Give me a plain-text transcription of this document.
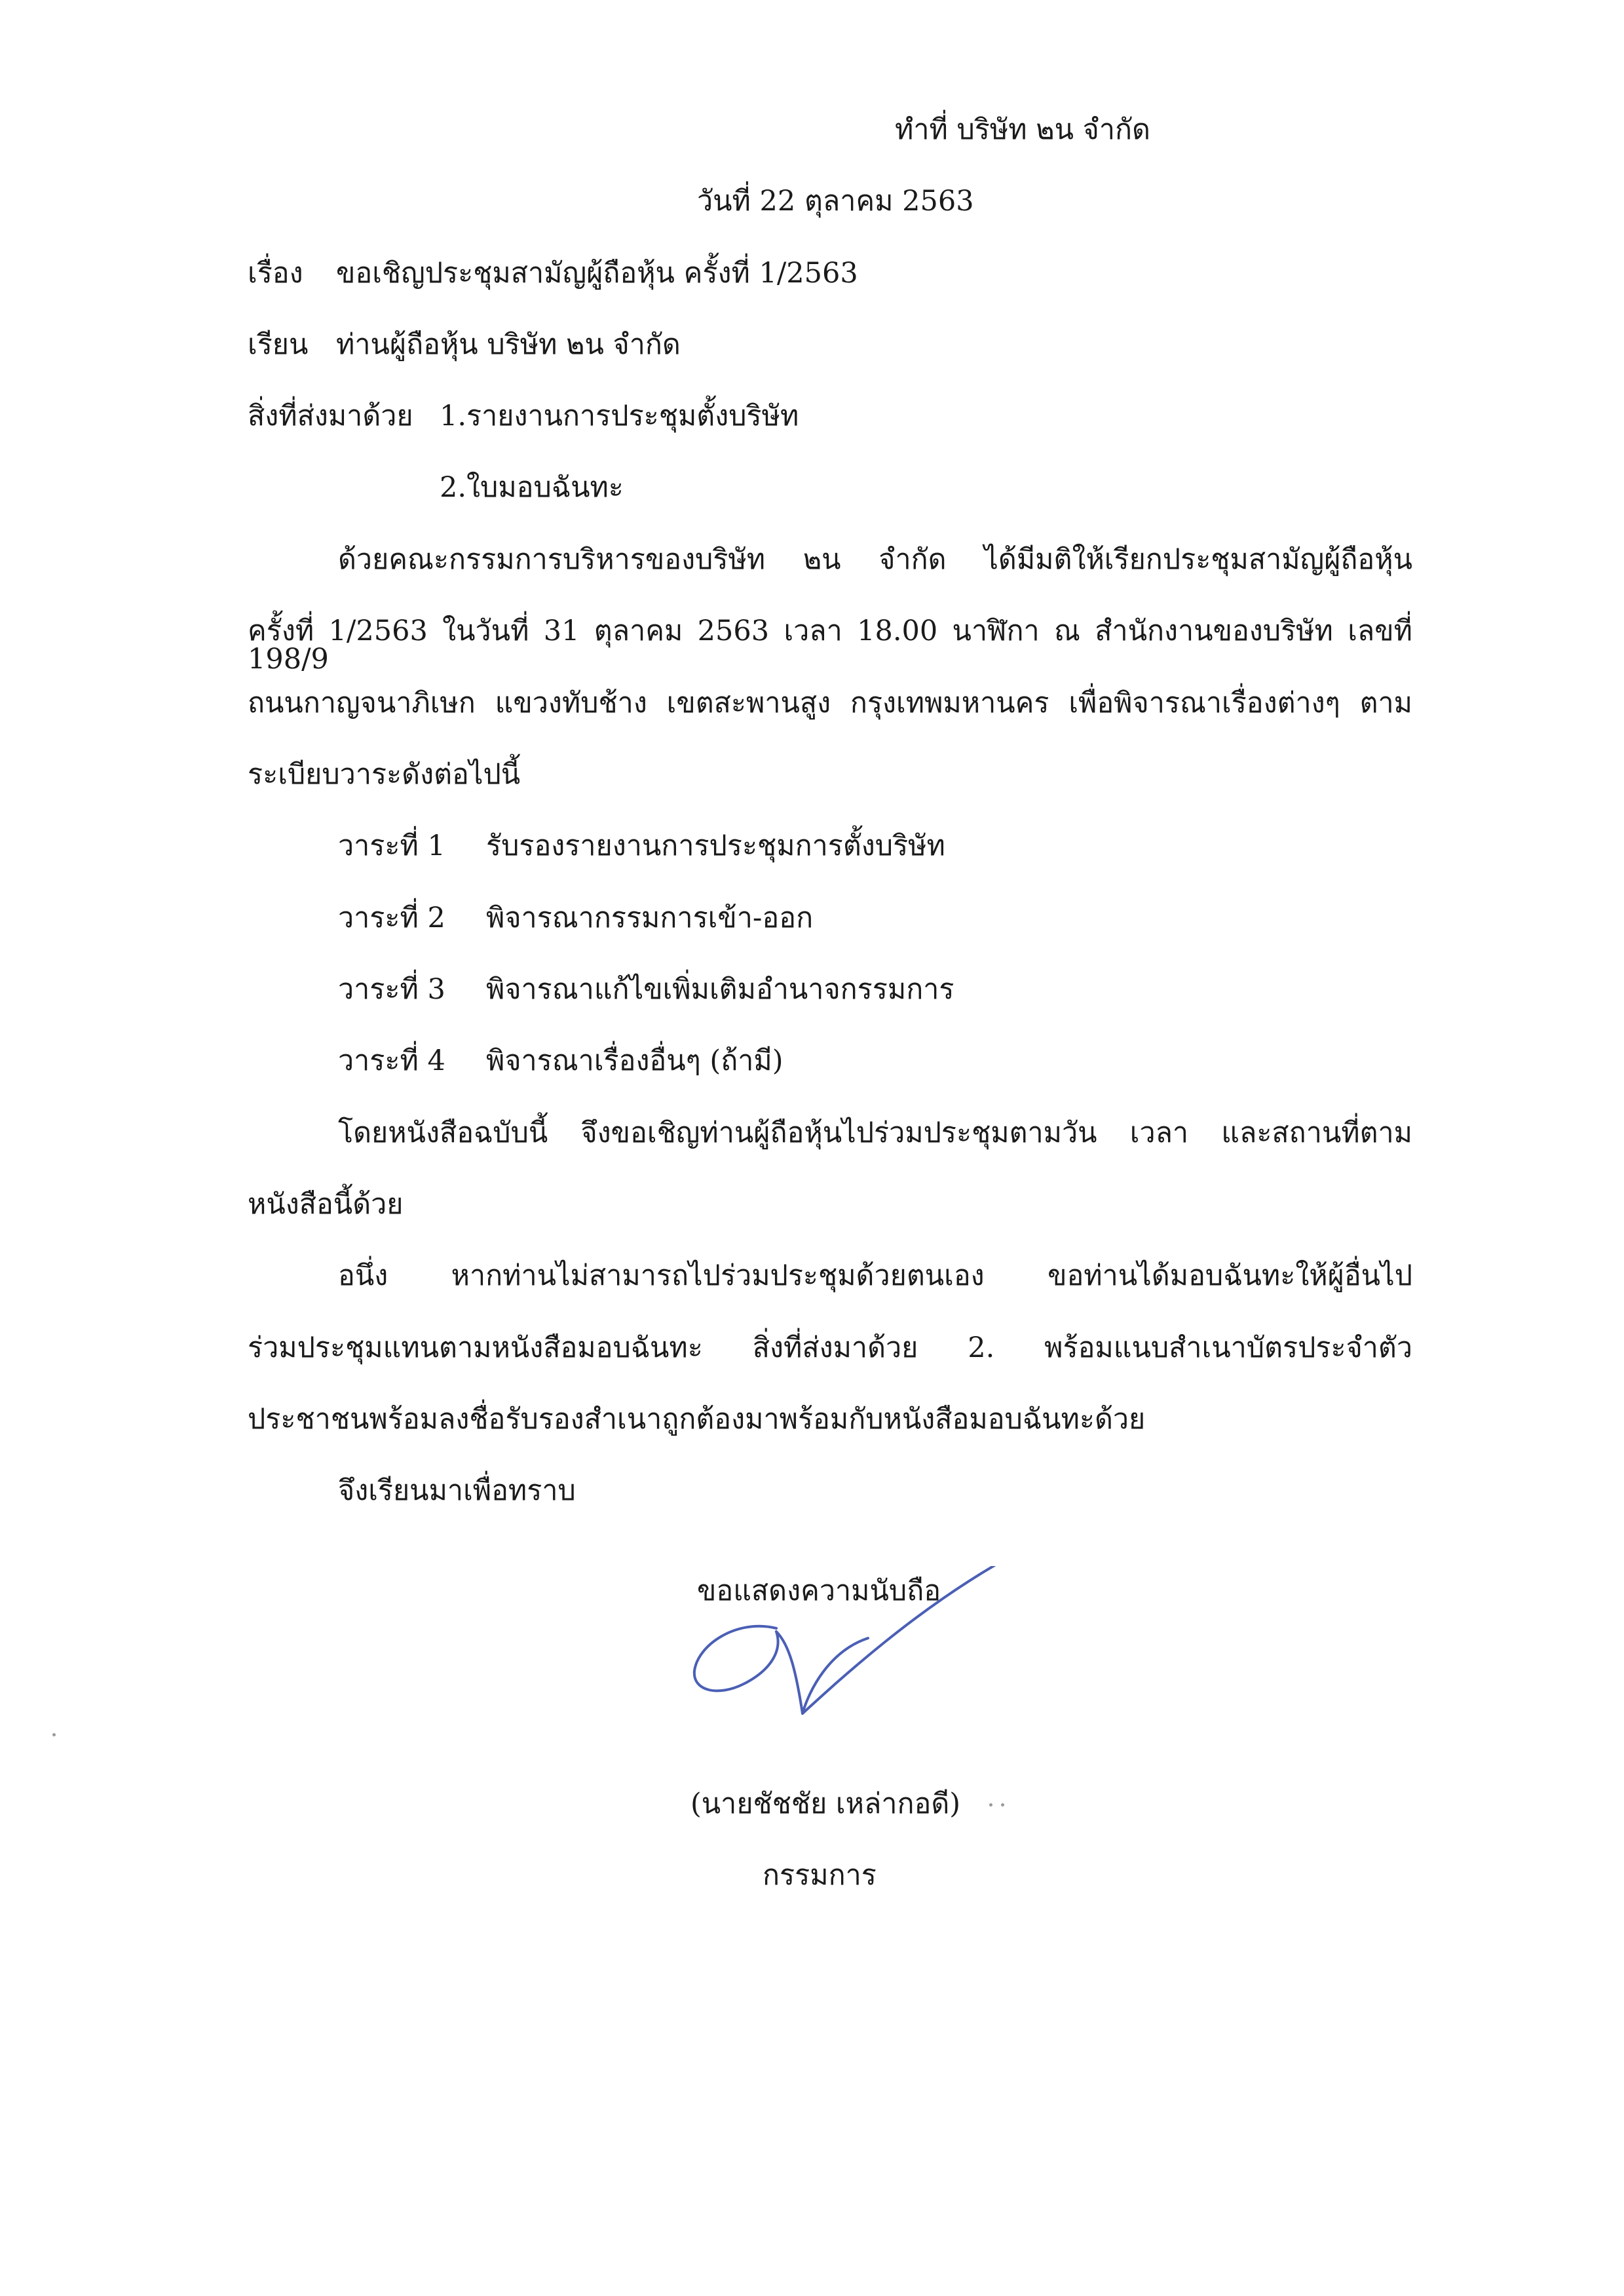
ทำที่ บริษัท ๒น จำกัด
วันที่ 22 ตุลาคม 2563
เรื่อง ขอเชิญประชุมสามัญผู้ถือหุ้น ครั้งที่ 1/2563
เรียน ท่านผู้ถือหุ้น บริษัท ๒น จำกัด
สิ่งที่ส่งมาด้วย 1.รายงานการประชุมตั้งบริษัท
2.ใบมอบฉันทะ
ด้วยคณะกรรมการบริหารของบริษัท ๒น จำกัด ได้มีมติให้เรียกประชุมสามัญผู้ถือหุ้น
ครั้งที่ 1/2563 ในวันที่ 31 ตุลาคม 2563 เวลา 18.00 นาฬิกา ณ สำนักงานของบริษัท เลขที่ 198/9
ถนนกาญจนาภิเษก แขวงทับช้าง เขตสะพานสูง กรุงเทพมหานคร เพื่อพิจารณาเรื่องต่างๆ ตาม
ระเบียบวาระดังต่อไปนี้
วาระที่ 1 รับรองรายงานการประชุมการตั้งบริษัท
วาระที่ 2 พิจารณากรรมการเข้า-ออก
วาระที่ 3 พิจารณาแก้ไขเพิ่มเติมอำนาจกรรมการ
วาระที่ 4 พิจารณาเรื่องอื่นๆ (ถ้ามี)
โดยหนังสือฉบับนี้ จึงขอเชิญท่านผู้ถือหุ้นไปร่วมประชุมตามวัน เวลา และสถานที่ตาม
หนังสือนี้ด้วย
อนึ่ง หากท่านไม่สามารถไปร่วมประชุมด้วยตนเอง ขอท่านได้มอบฉันทะให้ผู้อื่นไป
ร่วมประชุมแทนตามหนังสือมอบฉันทะ สิ่งที่ส่งมาด้วย 2. พร้อมแนบสำเนาบัตรประจำตัว
ประชาชนพร้อมลงชื่อรับรองสำเนาถูกต้องมาพร้อมกับหนังสือมอบฉันทะด้วย
จึงเรียนมาเพื่อทราบ
ขอแสดงความนับถือ
(นายชัชชัย เหล่ากอดี)
กรรมการ
